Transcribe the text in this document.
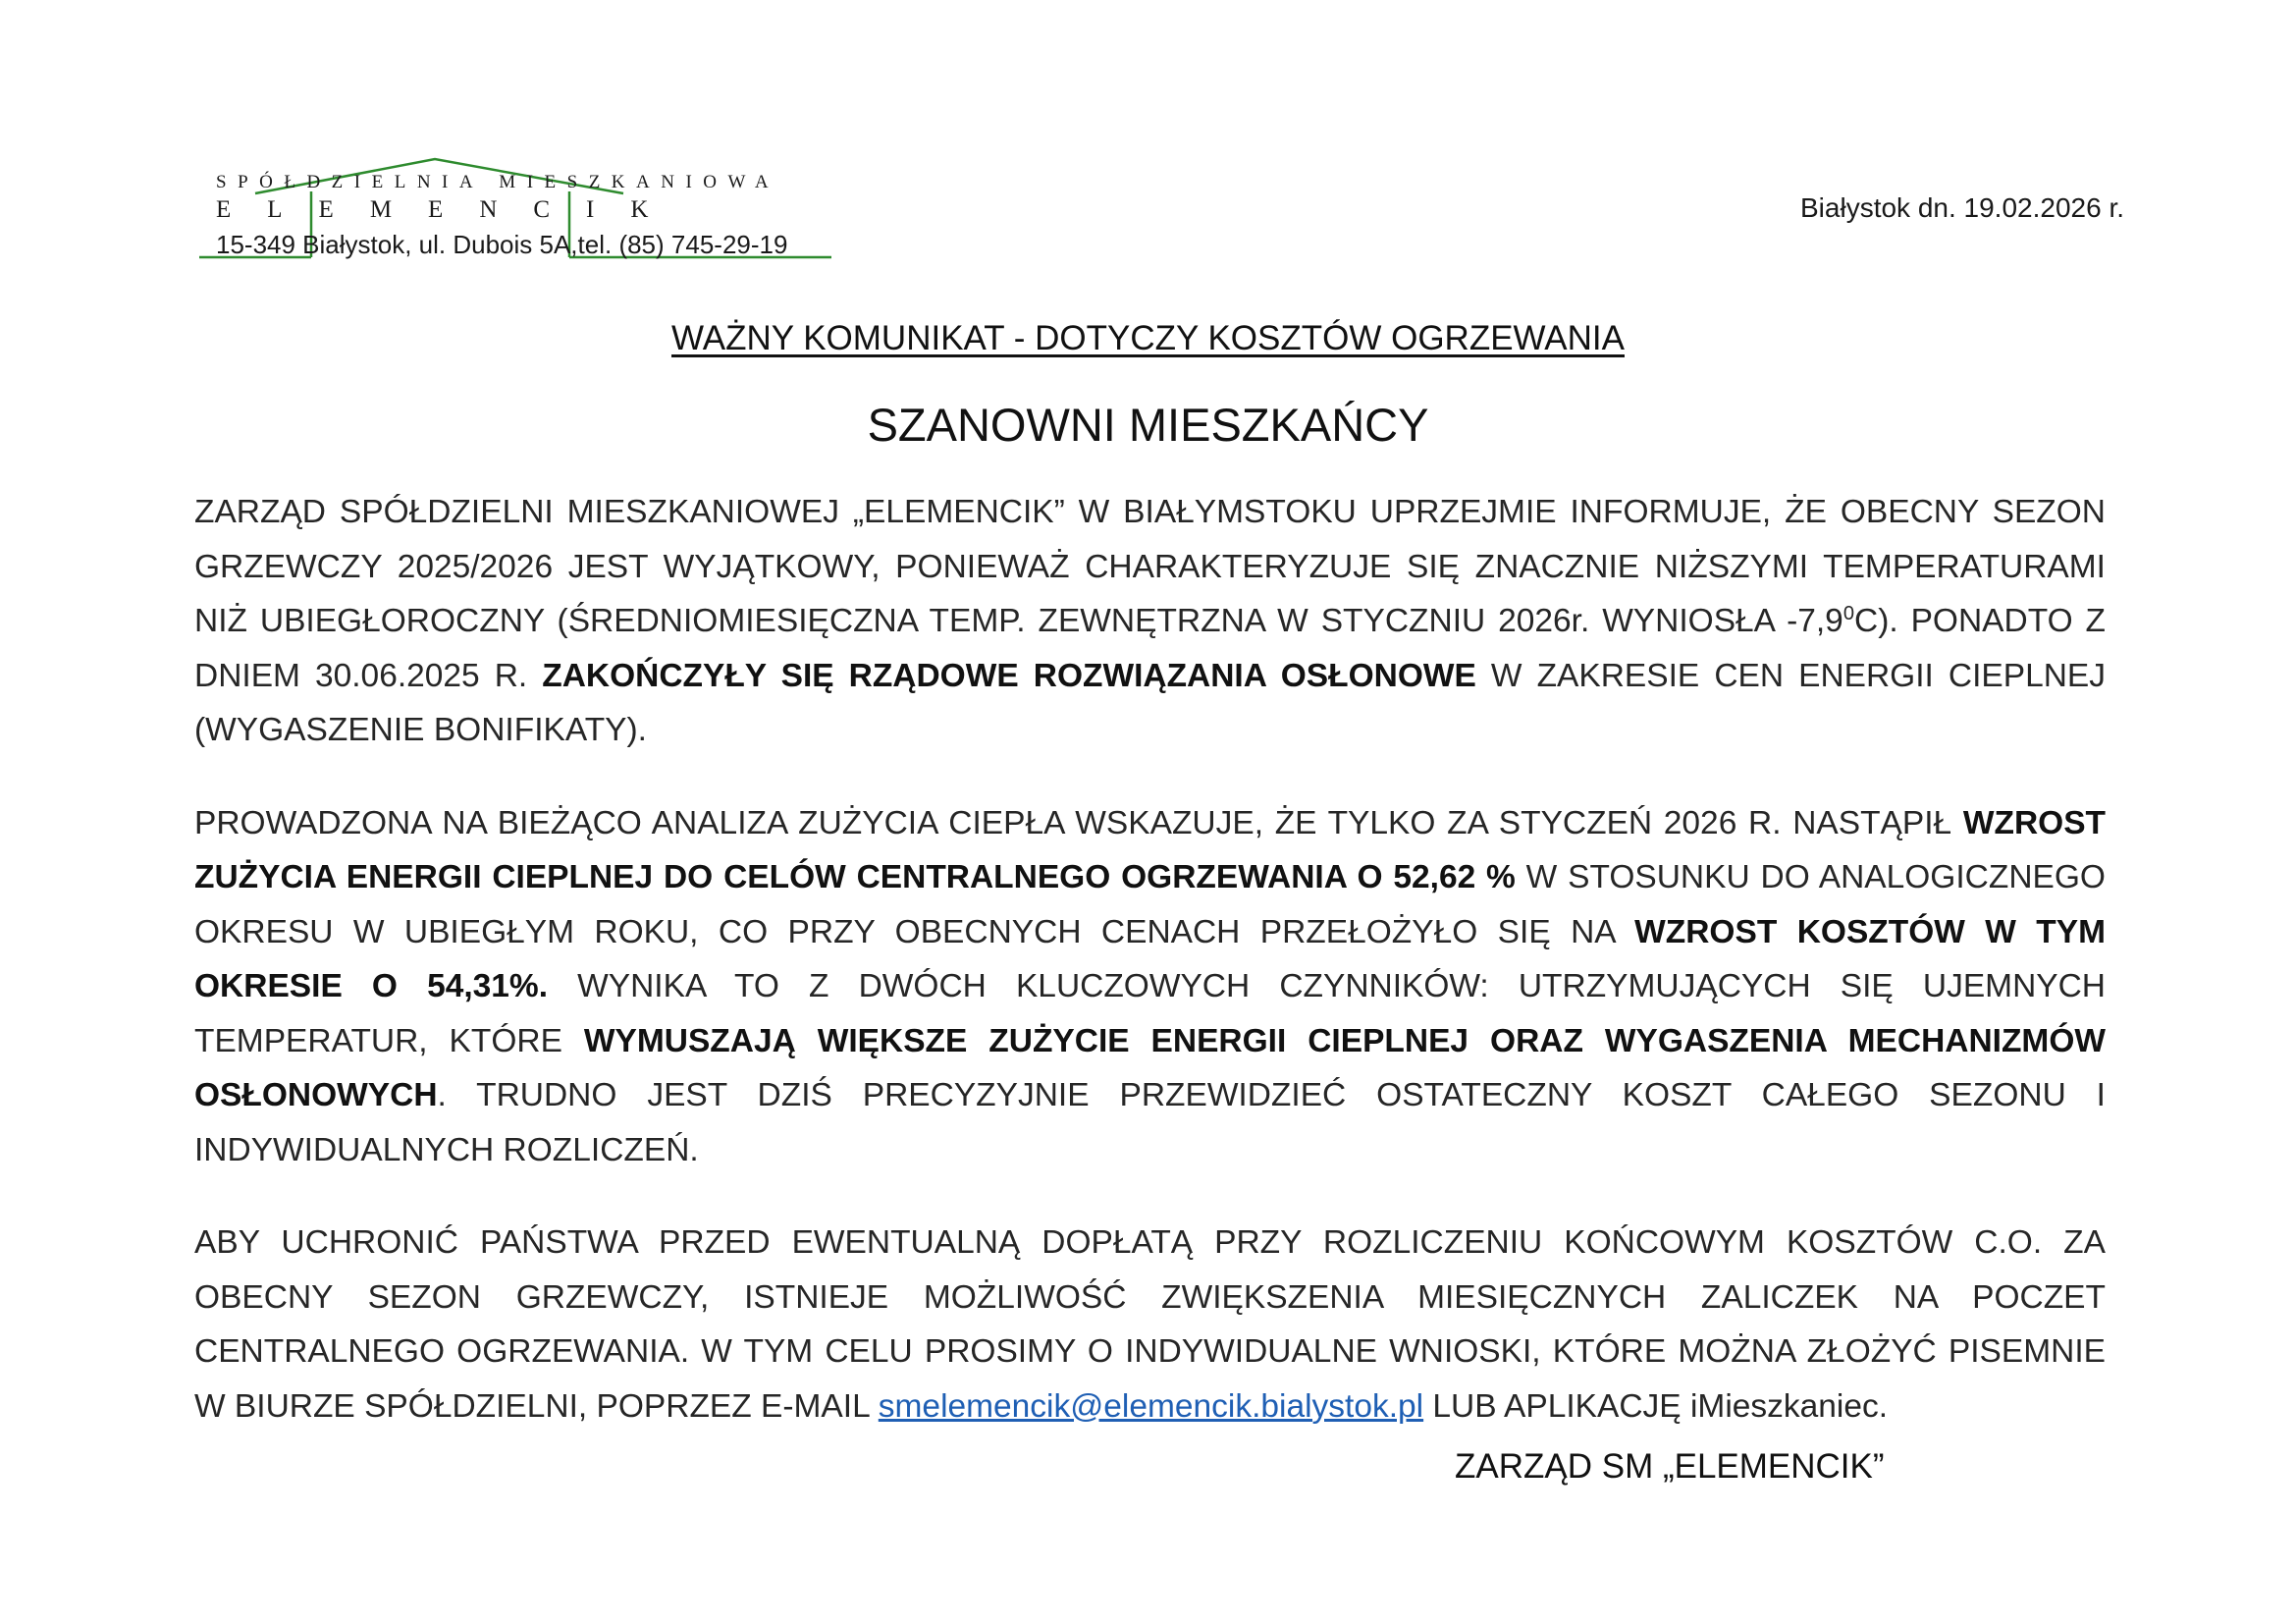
SPÓŁDZIELNIA MIESZKANIOWA
ELEMENCIK
15-349 Białystok, ul. Dubois 5A,tel. (85) 745-29-19
Białystok dn. 19.02.2026 r.
WAŻNY KOMUNIKAT - DOTYCZY KOSZTÓW OGRZEWANIA
SZANOWNI MIESZKAŃCY

ZARZĄD SPÓŁDZIELNI MIESZKANIOWEJ „ELEMENCIK” W BIAŁYMSTOKU UPRZEJMIE INFORMUJE, ŻE OBECNY SEZON GRZEWCZY 2025/2026 JEST WYJĄTKOWY, PONIEWAŻ CHARAKTERYZUJE SIĘ ZNACZNIE NIŻSZYMI TEMPERATURAMI NIŻ UBIEGŁOROCZNY (ŚREDNIOMIESIĘCZNA TEMP. ZEWNĘTRZNA W STYCZNIU 2026r. WYNIOSŁA $-7,9^0C$). PONADTO Z DNIEM 30.06.2025 R. ZAKOŃCZYŁY SIĘ RZĄDOWE ROZWIĄZANIA OSŁONOWE W ZAKRESIE CEN ENERGII CIEPLNEJ (WYGASZENIE BONIFIKATY).

PROWADZONA NA BIEŻĄCO ANALIZA ZUŻYCIA CIEPŁA WSKAZUJE, ŻE TYLKO ZA STYCZEŃ 2026 R. NASTĄPIŁ WZROST ZUŻYCIA ENERGII CIEPLNEJ DO CELÓW CENTRALNEGO OGRZEWANIA O 52,62 % W STOSUNKU DO ANALOGICZNEGO OKRESU W UBIEGŁYM ROKU, CO PRZY OBECNYCH CENACH PRZEŁOŻYŁO SIĘ NA WZROST KOSZTÓW W TYM OKRESIE O 54,31%. WYNIKA TO Z DWÓCH KLUCZOWYCH CZYNNIKÓW: UTRZYMUJĄCYCH SIĘ UJEMNYCH TEMPERATUR, KTÓRE WYMUSZAJĄ WIĘKSZE ZUŻYCIE ENERGII CIEPLNEJ ORAZ WYGASZENIA MECHANIZMÓW OSŁONOWYCH. TRUDNO JEST DZIŚ PRECYZYJNIE PRZEWIDZIEĆ OSTATECZNY KOSZT CAŁEGO SEZONU I INDYWIDUALNYCH ROZLICZEŃ.

ABY UCHRONIĆ PAŃSTWA PRZED EWENTUALNĄ DOPŁATĄ PRZY ROZLICZENIU KOŃCOWYM KOSZTÓW C.O. ZA OBECNY SEZON GRZEWCZY, ISTNIEJE MOŻLIWOŚĆ ZWIĘKSZENIA MIESIĘCZNYCH ZALICZEK NA POCZET CENTRALNEGO OGRZEWANIA. W TYM CELU PROSIMY O INDYWIDUALNE WNIOSKI, KTÓRE MOŻNA ZŁOŻYĆ PISEMNIE W BIURZE SPÓŁDZIELNI, POPRZEZ E-MAIL smelemencik@elemencik.bialystok.pl LUB APLIKACJĘ iMieszkaniec.

ZARZĄD SM „ELEMENCIK”
